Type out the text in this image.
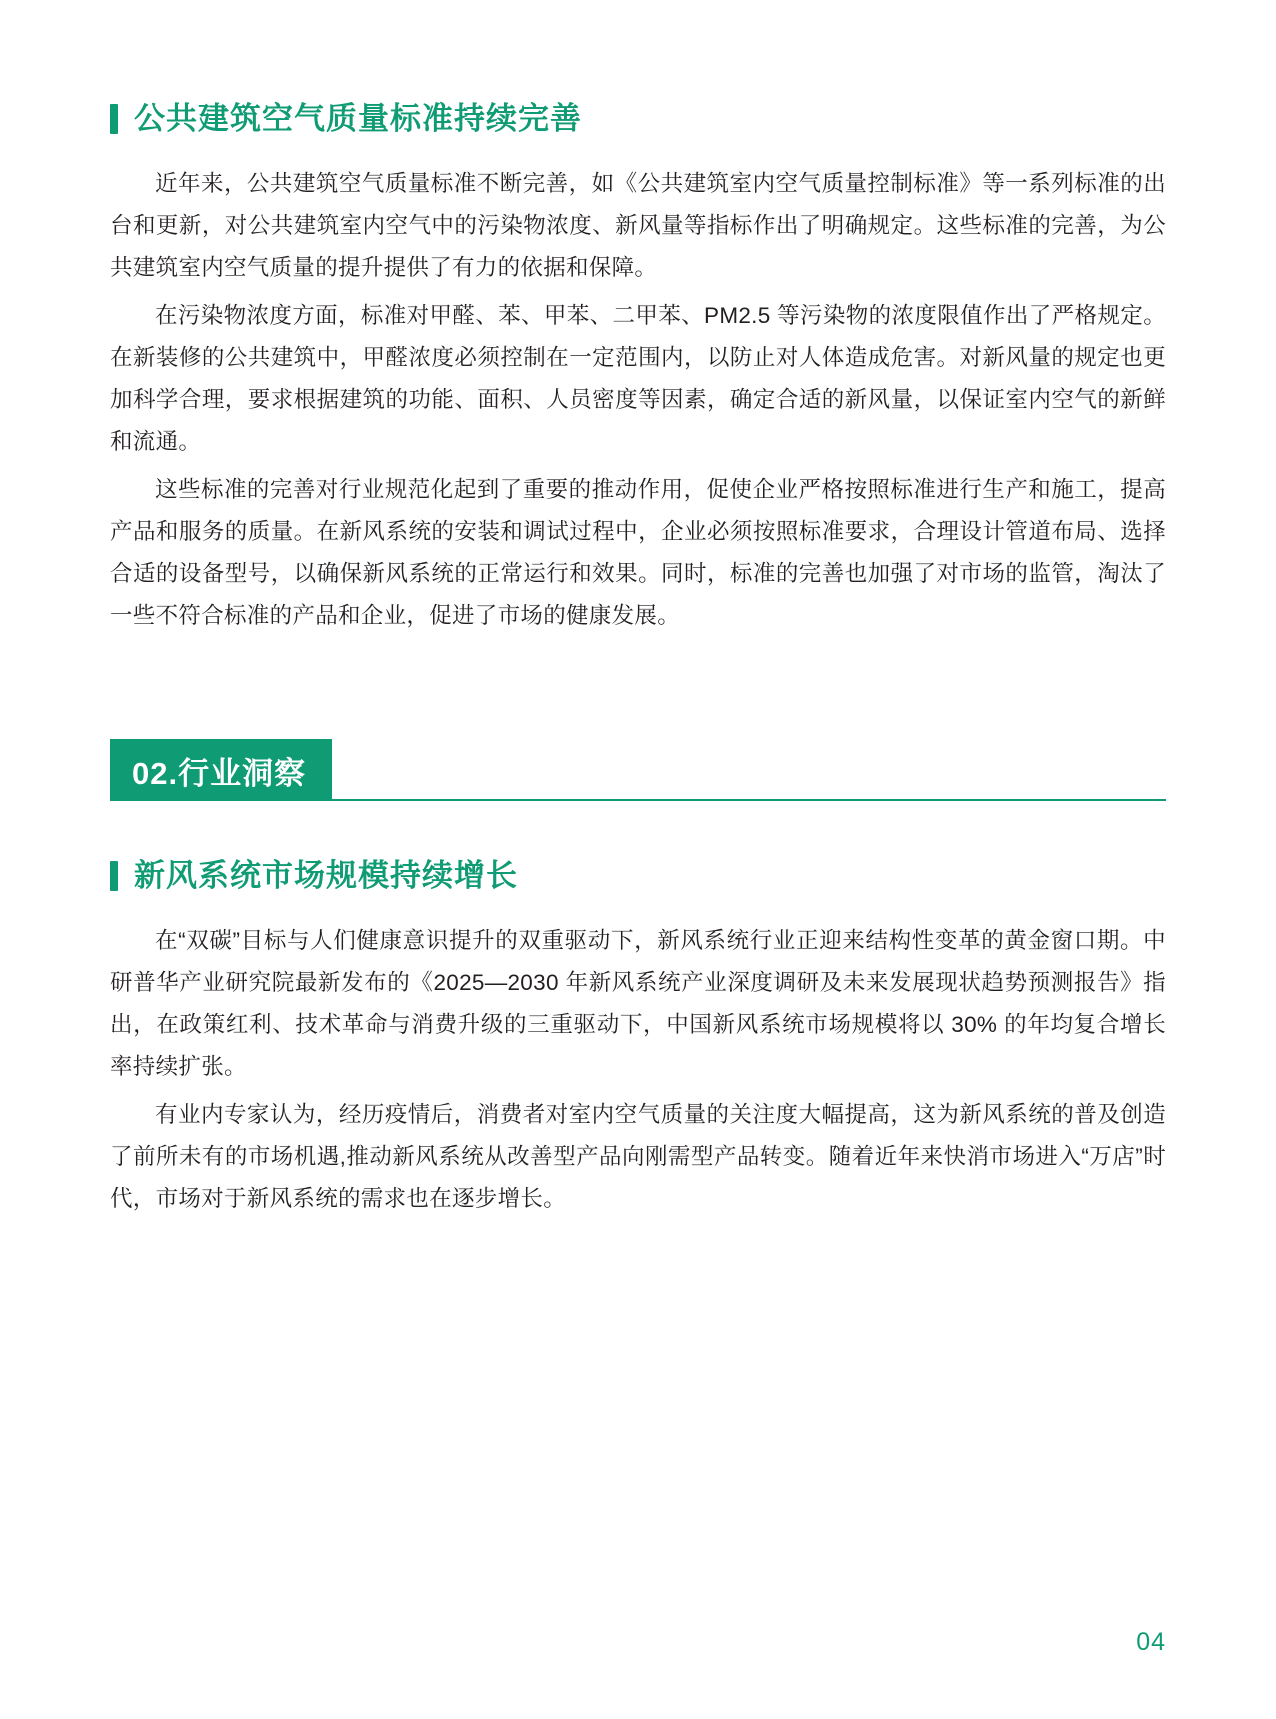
公共建筑空气质量标准持续完善

近年来，公共建筑空气质量标准不断完善，如《公共建筑室内空气质量控制标准》等一系列标准的出台和更新，对公共建筑室内空气中的污染物浓度、新风量等指标作出了明确规定。这些标准的完善，为公共建筑室内空气质量的提升提供了有力的依据和保障。

在污染物浓度方面，标准对甲醛、苯、甲苯、二甲苯、PM2.5 等污染物的浓度限值作出了严格规定。在新装修的公共建筑中，甲醛浓度必须控制在一定范围内，以防止对人体造成危害。对新风量的规定也更加科学合理，要求根据建筑的功能、面积、人员密度等因素，确定合适的新风量，以保证室内空气的新鲜和流通。

这些标准的完善对行业规范化起到了重要的推动作用，促使企业严格按照标准进行生产和施工，提高产品和服务的质量。在新风系统的安装和调试过程中，企业必须按照标准要求，合理设计管道布局、选择合适的设备型号，以确保新风系统的正常运行和效果。同时，标准的完善也加强了对市场的监管，淘汰了一些不符合标准的产品和企业，促进了市场的健康发展。

02.行业洞察
新风系统市场规模持续增长

在“双碳”目标与人们健康意识提升的双重驱动下，新风系统行业正迎来结构性变革的黄金窗口期。中研普华产业研究院最新发布的《2025—2030 年新风系统产业深度调研及未来发展现状趋势预测报告》指出，在政策红利、技术革命与消费升级的三重驱动下，中国新风系统市场规模将以 30% 的年均复合增长率持续扩张。

有业内专家认为，经历疫情后，消费者对室内空气质量的关注度大幅提高，这为新风系统的普及创造了前所未有的市场机遇,推动新风系统从改善型产品向刚需型产品转变。随着近年来快消市场进入“万店”时代，市场对于新风系统的需求也在逐步增长。

04
